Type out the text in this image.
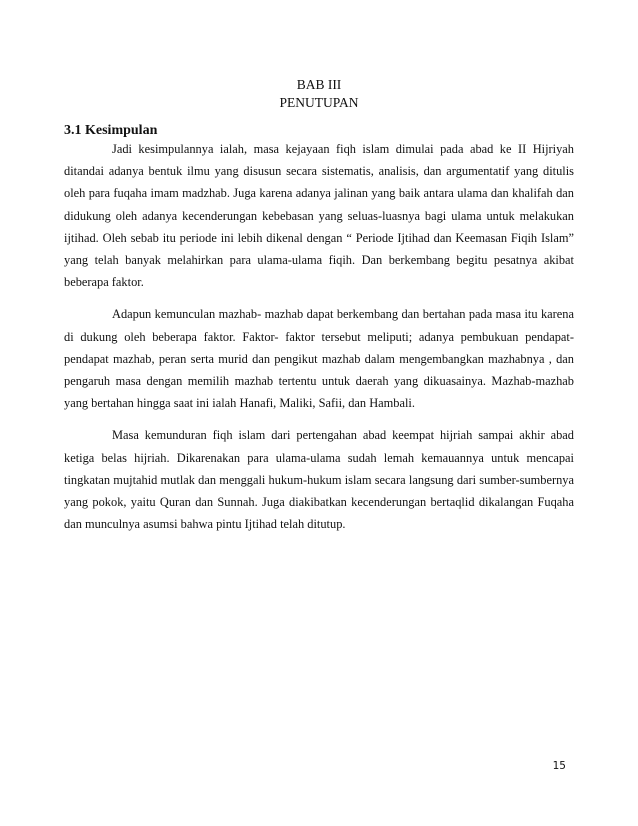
BAB III
PENUTUPAN
3.1 Kesimpulan

Jadi kesimpulannya ialah, masa kejayaan fiqh islam dimulai pada abad ke II Hijriyah ditandai adanya bentuk ilmu yang disusun secara sistematis, analisis, dan argumentatif yang ditulis oleh para fuqaha imam madzhab. Juga karena adanya jalinan yang baik antara ulama dan khalifah dan didukung oleh adanya kecenderungan kebebasan yang seluas-luasnya bagi ulama untuk melakukan ijtihad. Oleh sebab itu periode ini lebih dikenal dengan “ Periode Ijtihad dan Keemasan Fiqih Islam” yang telah banyak melahirkan para ulama-ulama fiqih. Dan berkembang begitu pesatnya akibat beberapa faktor.

Adapun kemunculan mazhab- mazhab dapat berkembang dan bertahan pada masa itu karena di dukung oleh beberapa faktor. Faktor- faktor tersebut meliputi; adanya pembukuan pendapat- pendapat mazhab, peran serta murid dan pengikut mazhab dalam mengembangkan mazhabnya , dan pengaruh masa dengan memilih mazhab tertentu untuk daerah yang dikuasainya. Mazhab-mazhab yang bertahan hingga saat ini ialah Hanafi, Maliki, Safii, dan Hambali.

Masa kemunduran fiqh islam dari pertengahan abad keempat hijriah sampai akhir abad ketiga belas hijriah. Dikarenakan para ulama-ulama sudah lemah kemauannya untuk mencapai tingkatan mujtahid mutlak dan menggali hukum-hukum islam secara langsung dari sumber-sumbernya yang pokok, yaitu Quran dan Sunnah. Juga diakibatkan kecenderungan bertaqlid dikalangan Fuqaha dan munculnya asumsi bahwa pintu Ijtihad telah ditutup.

15
